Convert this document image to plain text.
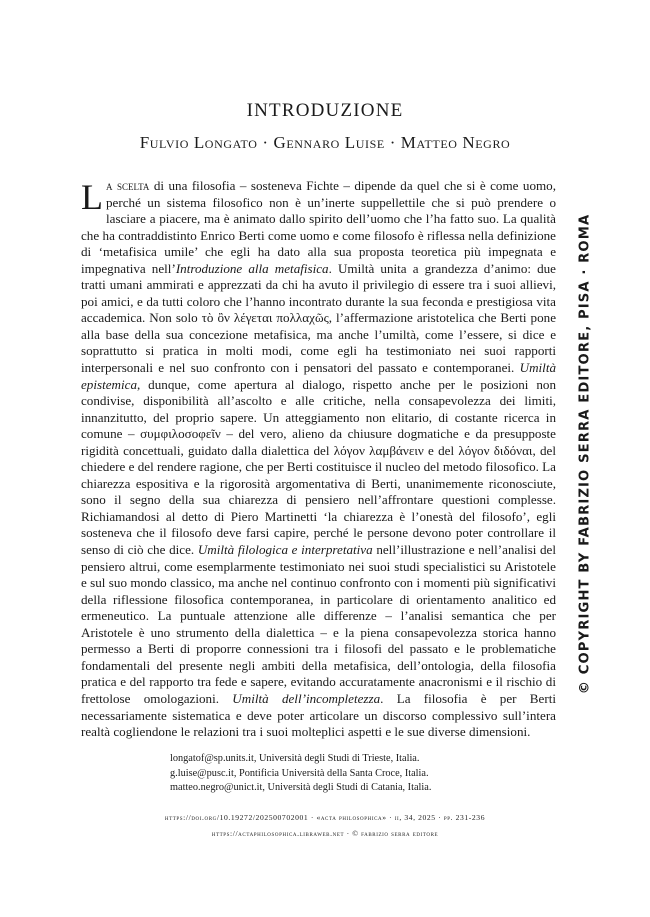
INTRODUZIONE
Fulvio Longato · Gennaro Luise · Matteo Negro

La scelta di una filosofia – sosteneva Fichte – dipende da quel che si è come uomo, perché un sistema filosofico non è un’inerte suppellettile che si può prendere o lasciare a piacere, ma è animato dallo spirito dell’uomo che l’ha fatto suo. La qualità che ha contraddistinto Enrico Berti come uomo e come filosofo è riflessa nella definizione di ‘metafisica umile’ che egli ha dato alla sua proposta teoretica più impegnata e impegnativa nell’Introduzione alla metafisica. Umiltà unita a grandezza d’animo: due tratti umani ammirati e apprezzati da chi ha avuto il privilegio di essere tra i suoi allievi, poi amici, e da tutti coloro che l’hanno incontrato durante la sua feconda e prestigiosa vita accademica. Non solo τὸ ὂν λέγεται πολλαχῶς, l’affermazione aristotelica che Berti pone alla base della sua concezione metafisica, ma anche l’umiltà, come l’essere, si dice e soprattutto si pratica in molti modi, come egli ha testimoniato nei suoi rapporti interpersonali e nel suo confronto con i pensatori del passato e contemporanei. Umiltà epistemica, dunque, come apertura al dialogo, rispetto anche per le posizioni non condivise, disponibilità all’ascolto e alle critiche, nella consapevolezza dei limiti, innanzitutto, del proprio sapere. Un atteggiamento non elitario, di costante ricerca in comune – συμφιλοσοφεῖν – del vero, alieno da chiusure dogmatiche e da presupposte rigidità concettuali, guidato dalla dialettica del λόγον λαμβάνειν e del λόγον διδόναι, del chiedere e del rendere ragione, che per Berti costituisce il nucleo del metodo filosofico. La chiarezza espositiva e la rigorosità argomentativa di Berti, unanimemente riconosciute, sono il segno della sua chiarezza di pensiero nell’affrontare questioni complesse. Richiamandosi al detto di Piero Martinetti ‘la chiarezza è l’onestà del filosofo’, egli sosteneva che il filosofo deve farsi capire, perché le persone devono poter controllare il senso di ciò che dice. Umiltà filologica e interpretativa nell’illustrazione e nell’analisi del pensiero altrui, come esemplarmente testimoniato nei suoi studi specialistici su Aristotele e sul suo mondo classico, ma anche nel continuo confronto con i momenti più significativi della riflessione filosofica contemporanea, in particolare di orientamento analitico ed ermeneutico. La puntuale attenzione alle differenze – l’analisi semantica che per Aristotele è uno strumento della dialettica – e la piena consapevolezza storica hanno permesso a Berti di proporre connessioni tra i filosofi del passato e le problematiche fondamentali del presente negli ambiti della metafisica, dell’ontologia, della filosofia pratica e del rapporto tra fede e sapere, evitando accuratamente anacronismi e il rischio di frettolose omologazioni. Umiltà dell’incompletezza. La filosofia è per Berti necessariamente sistematica e deve poter articolare un discorso complessivo sull’intera realtà cogliendone le relazioni tra i suoi molteplici aspetti e le sue diverse dimensioni.

longatof@sp.units.it, Università degli Studi di Trieste, Italia.
g.luise@pusc.it, Pontificia Università della Santa Croce, Italia.
matteo.negro@unict.it, Università degli Studi di Catania, Italia.
https://doi.org/10.19272/202500702001 · «acta philosophica» · ii, 34, 2025 · pp. 231-236
https://actaphilosophica.libraweb.net · © fabrizio serra editore
© COPYRIGHT BY FABRIZIO SERRA EDITORE, PISA · ROMA
